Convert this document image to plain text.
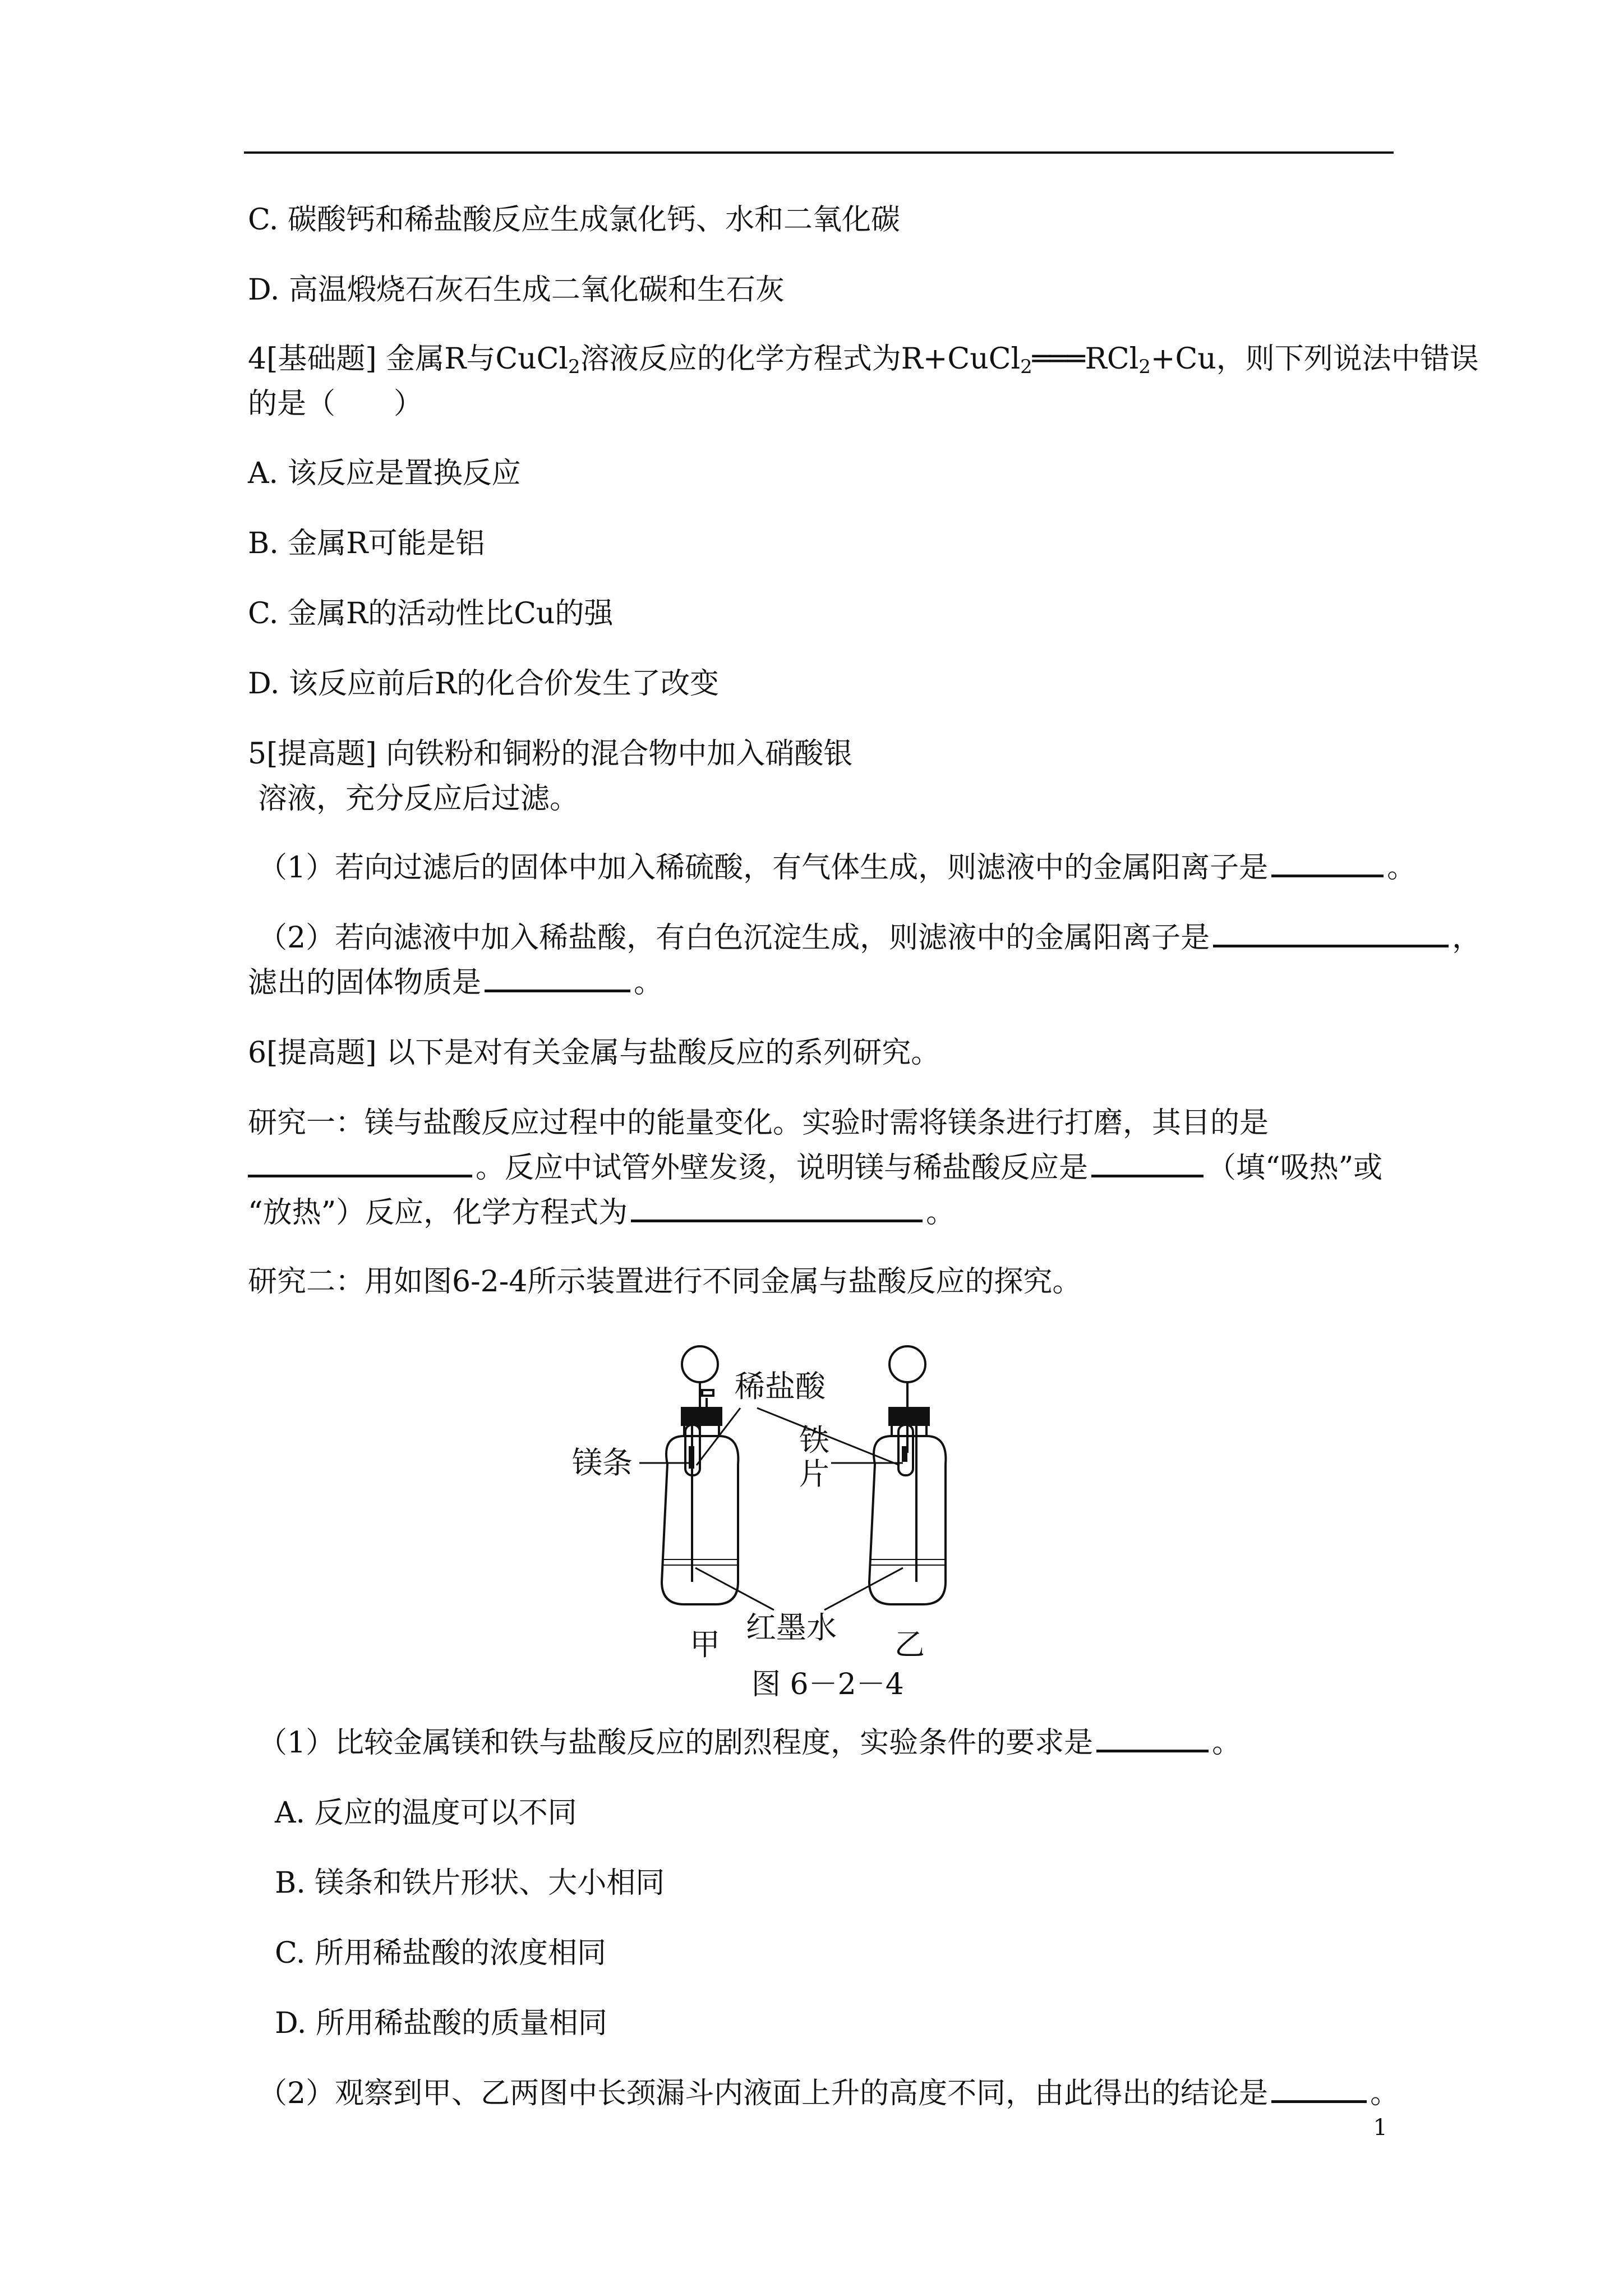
C. 碳酸钙和稀盐酸反应生成氯化钙、水和二氧化碳
D. 高温煅烧石灰石生成二氧化碳和生石灰
4[基础题] 金属R与CuCl$_2$溶液反应的化学方程式为R+CuCl$_2$═══RCl$_2$+Cu，则下列说法中错误
的是（　　）
A. 该反应是置换反应
B. 金属R可能是铝
C. 金属R的活动性比Cu的强
D. 该反应前后R的化合价发生了改变
5[提高题] 向铁粉和铜粉的混合物中加入硝酸银
溶液，充分反应后过滤。
（1）若向过滤后的固体中加入稀硫酸，有气体生成，则滤液中的金属阳离子是	。
（2）若向滤液中加入稀盐酸，有白色沉淀生成，则滤液中的金属阳离子是	，
滤出的固体物质是	。
6[提高题] 以下是对有关金属与盐酸反应的系列研究。
研究一：镁与盐酸反应过程中的能量变化。实验时需将镁条进行打磨，其目的是
。反应中试管外壁发烫，说明镁与稀盐酸反应是	（填“吸热”或
“放热”）反应，化学方程式为	。
研究二：用如图6-2-4所示装置进行不同金属与盐酸反应的探究。
稀盐酸
镁条
铁
片
红墨水
甲	乙
图 6－2－4
（1）比较金属镁和铁与盐酸反应的剧烈程度，实验条件的要求是	。
A. 反应的温度可以不同
B. 镁条和铁片形状、大小相同
C. 所用稀盐酸的浓度相同
D. 所用稀盐酸的质量相同
（2）观察到甲、乙两图中长颈漏斗内液面上升的高度不同，由此得出的结论是	。
1
